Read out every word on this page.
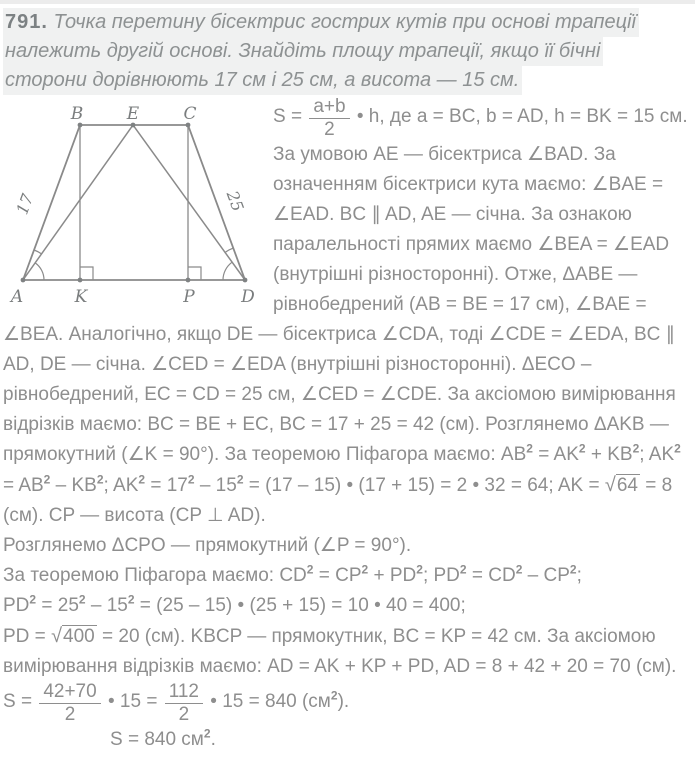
791. Точка перетину бісектрис гострих кутів при основі трапеції
належить другій основі. Знайдіть площу трапеції, якщо її бічні
сторони дорівнюють 17 см і 25 см, а висота — 15 см.
B	E	C
A	K	P	D
17	25
$S = \frac{a+b}{2}$ • h, де a = BC, b = AD, h = BK = 15 см. За умовою AE — бісектриса ∠BAD. За означенням бісектриси кута маємо: ∠BAE = ∠EAD. BC ∥ AD, AE — січна. За ознакою паралельності прямих маємо ∠BEA = ∠EAD (внутрішні різносторонні). Отже, ΔABE — рівнобедрений (AB = BE = 17 см), ∠BAE = ∠BEA. Аналогічно, якщо DE — бісектриса ∠CDA, тоді ∠CDE = ∠EDA, BC ∥ AD, DE — січна. ∠CED = ∠EDA (внутрішні різносторонні). ΔECO – рівнобедрений, EC = CD = 25 см, ∠CED = ∠CDE. За аксіомою вимірювання відрізків маємо: BC = BE + EC, BC = 17 + 25 = 42 (см). Розглянемо ΔAKB — прямокутний (∠K = 90°). За теоремою Піфагора маємо: $AB^2 = AK^2 + KB^2$; $AK^2 = AB^2 - KB^2$; $AK^2 = 17^2 - 15^2 = (17 - 15)$ • (17 + 15) = 2 • 32 = 64; AK = √64 = 8 (см). CP — висота (CP ⊥ AD).
Розглянемо ΔCPO — прямокутний (∠P = 90°).
За теоремою Піфагора маємо: $CD^2 = CP^2 + PD^2$; $PD^2 = CD^2 - CP^2$;
$PD^2 = 25^2 - 15^2 = (25 - 15)$ • (25 + 15) = 10 • 40 = 400;
PD = √400 = 20 (см). KBCP — прямокутник, BC = KP = 42 см. За аксіомою вимірювання відрізків маємо: AD = AK + KP + PD, AD = 8 + 42 + 20 = 70 (см). $S = \frac{42+70}{2}$ • $15 = \frac{112}{2}$ • 15 = 840 $(см^2)$.
S = 840 $см^2$.
